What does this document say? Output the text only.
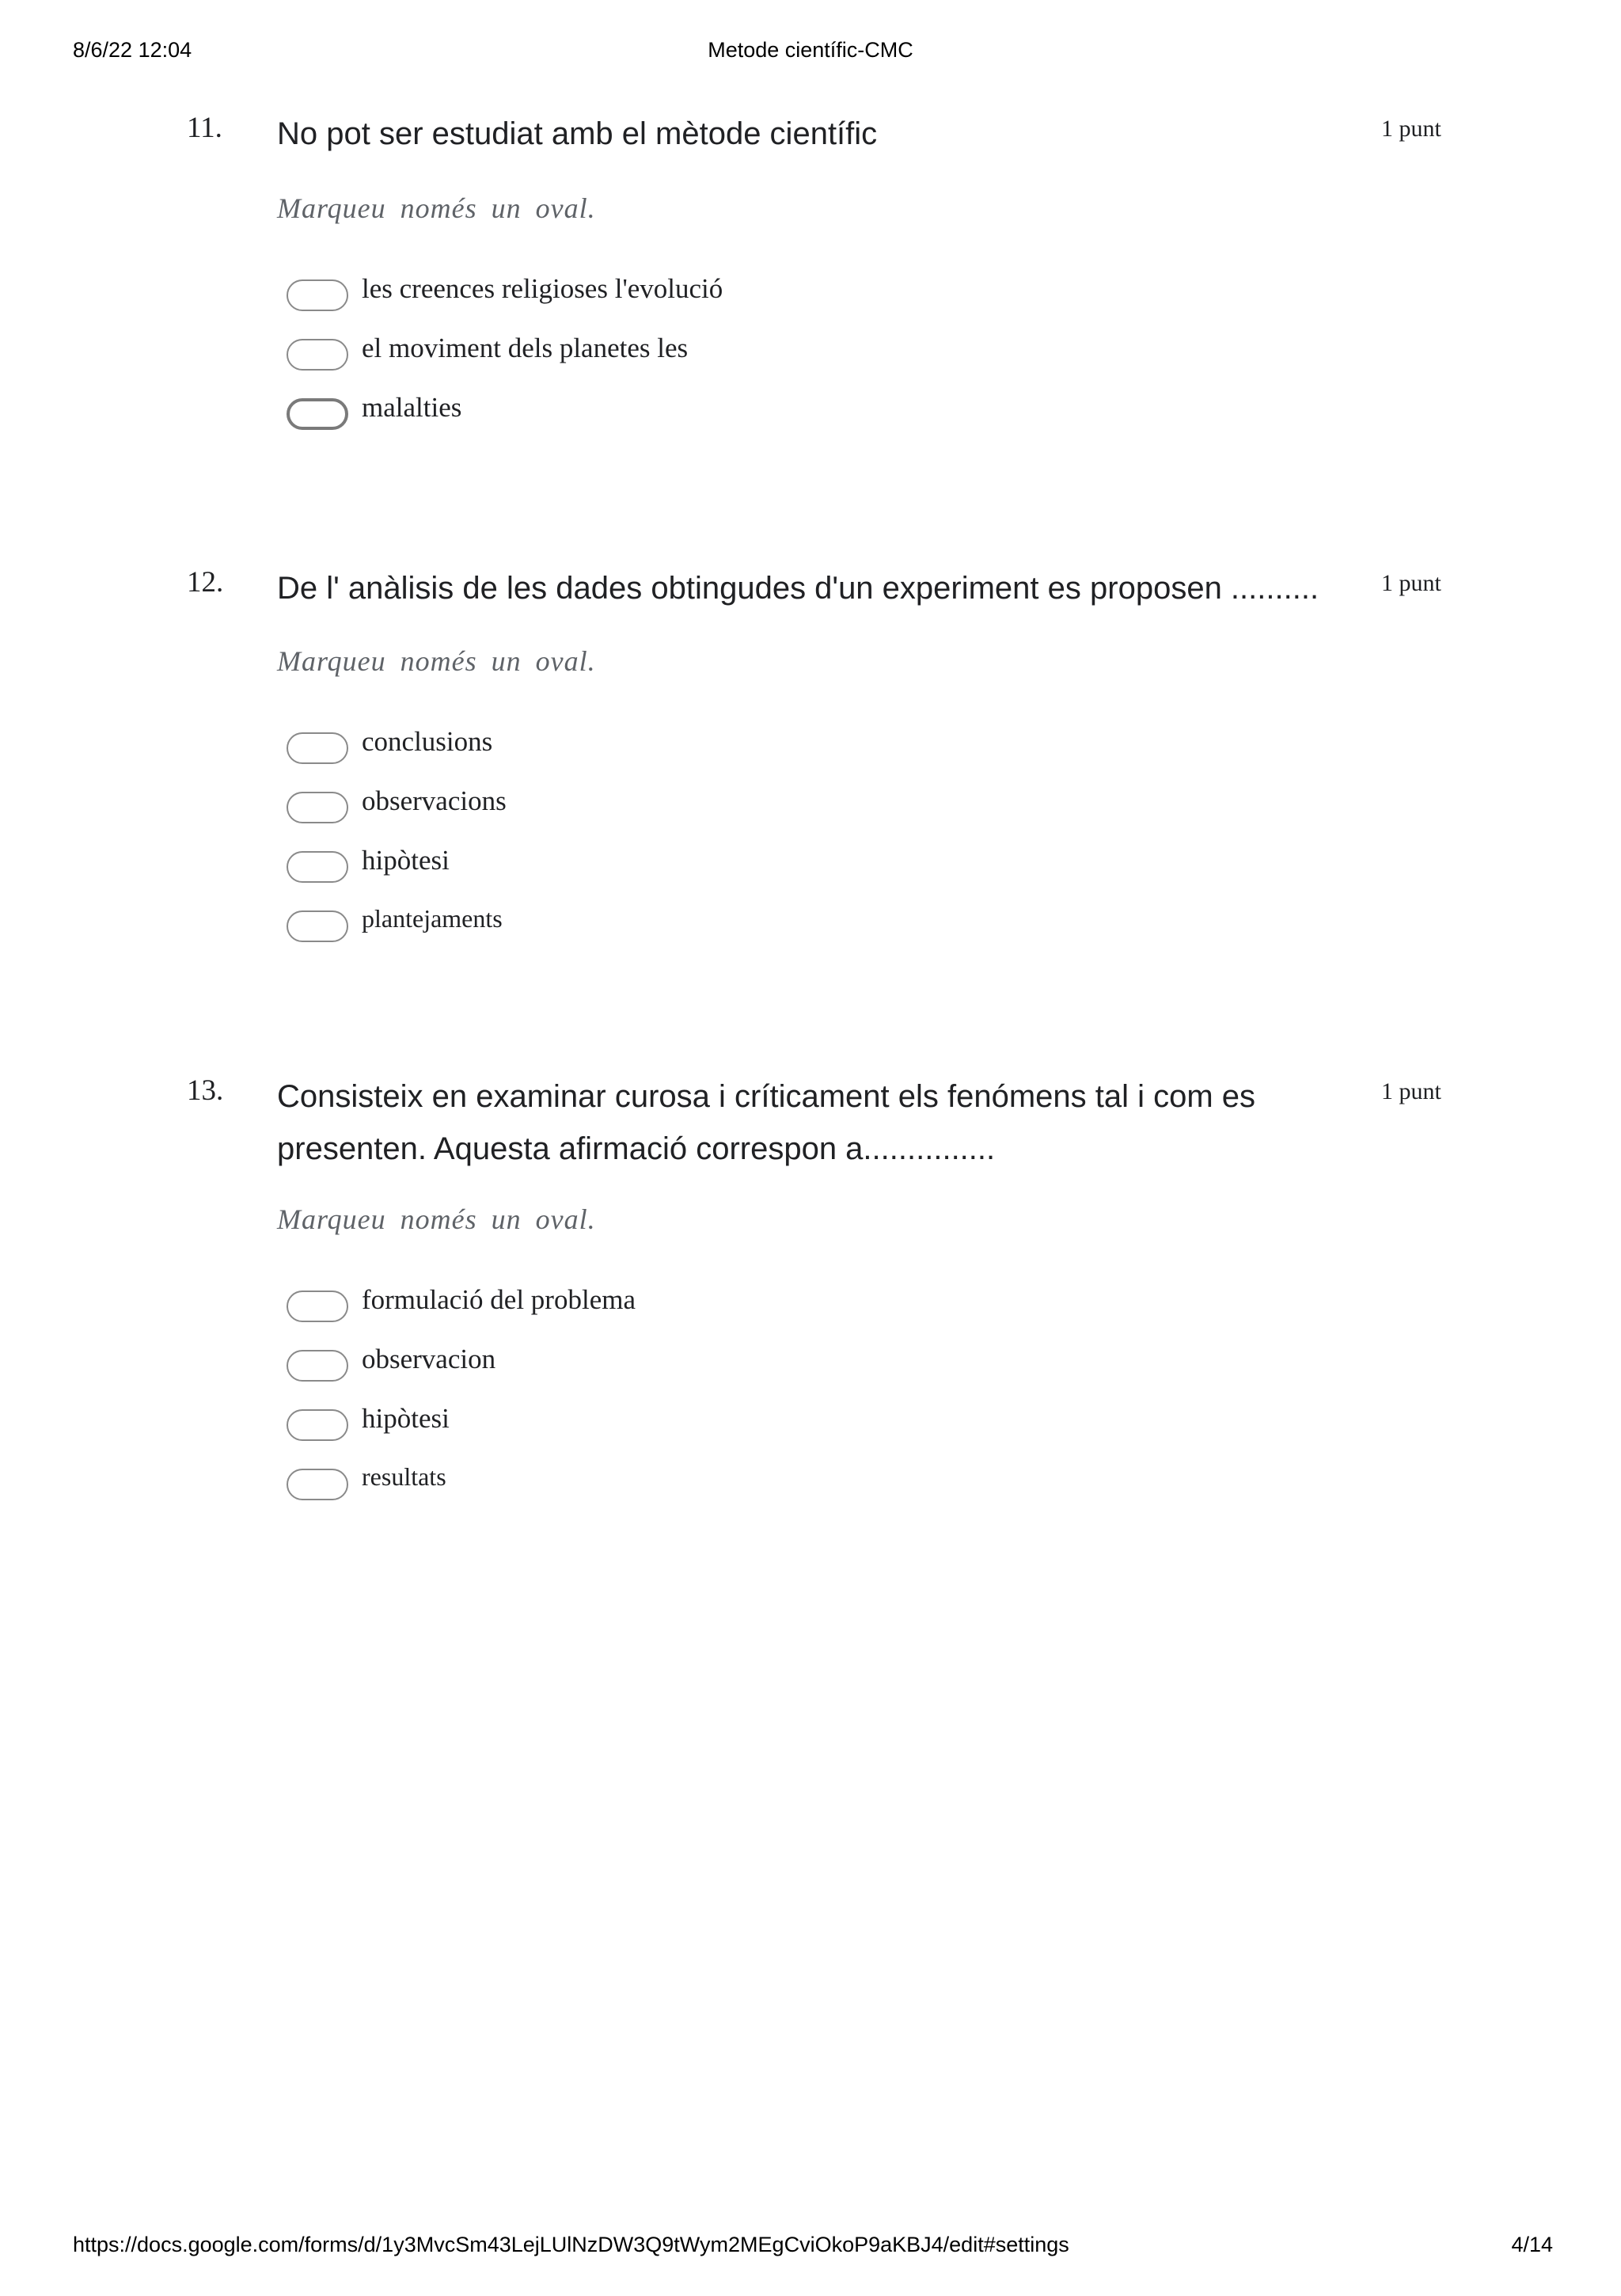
8/6/22 12:04	Metode científic-CMC
11. No pot ser estudiat amb el mètode científic	1 punt
Marqueu només un oval.
les creences religioses l'evolució
el moviment dels planetes les
malalties
12. De l' anàlisis de les dades obtingudes d'un experiment es proposen ..........	1 punt
Marqueu només un oval.
conclusions
observacions
hipòtesi
plantejaments
13. Consisteix en examinar curosa i críticament els fenómens tal i com es presenten. Aquesta afirmació correspon a...............
1 punt
Marqueu només un oval.
formulació del problema
observacion
hipòtesi
resultats
https://docs.google.com/forms/d/1y3MvcSm43LejLUlNzDW3Q9tWym2MEgCviOkoP9aKBJ4/edit#settings	4/14
